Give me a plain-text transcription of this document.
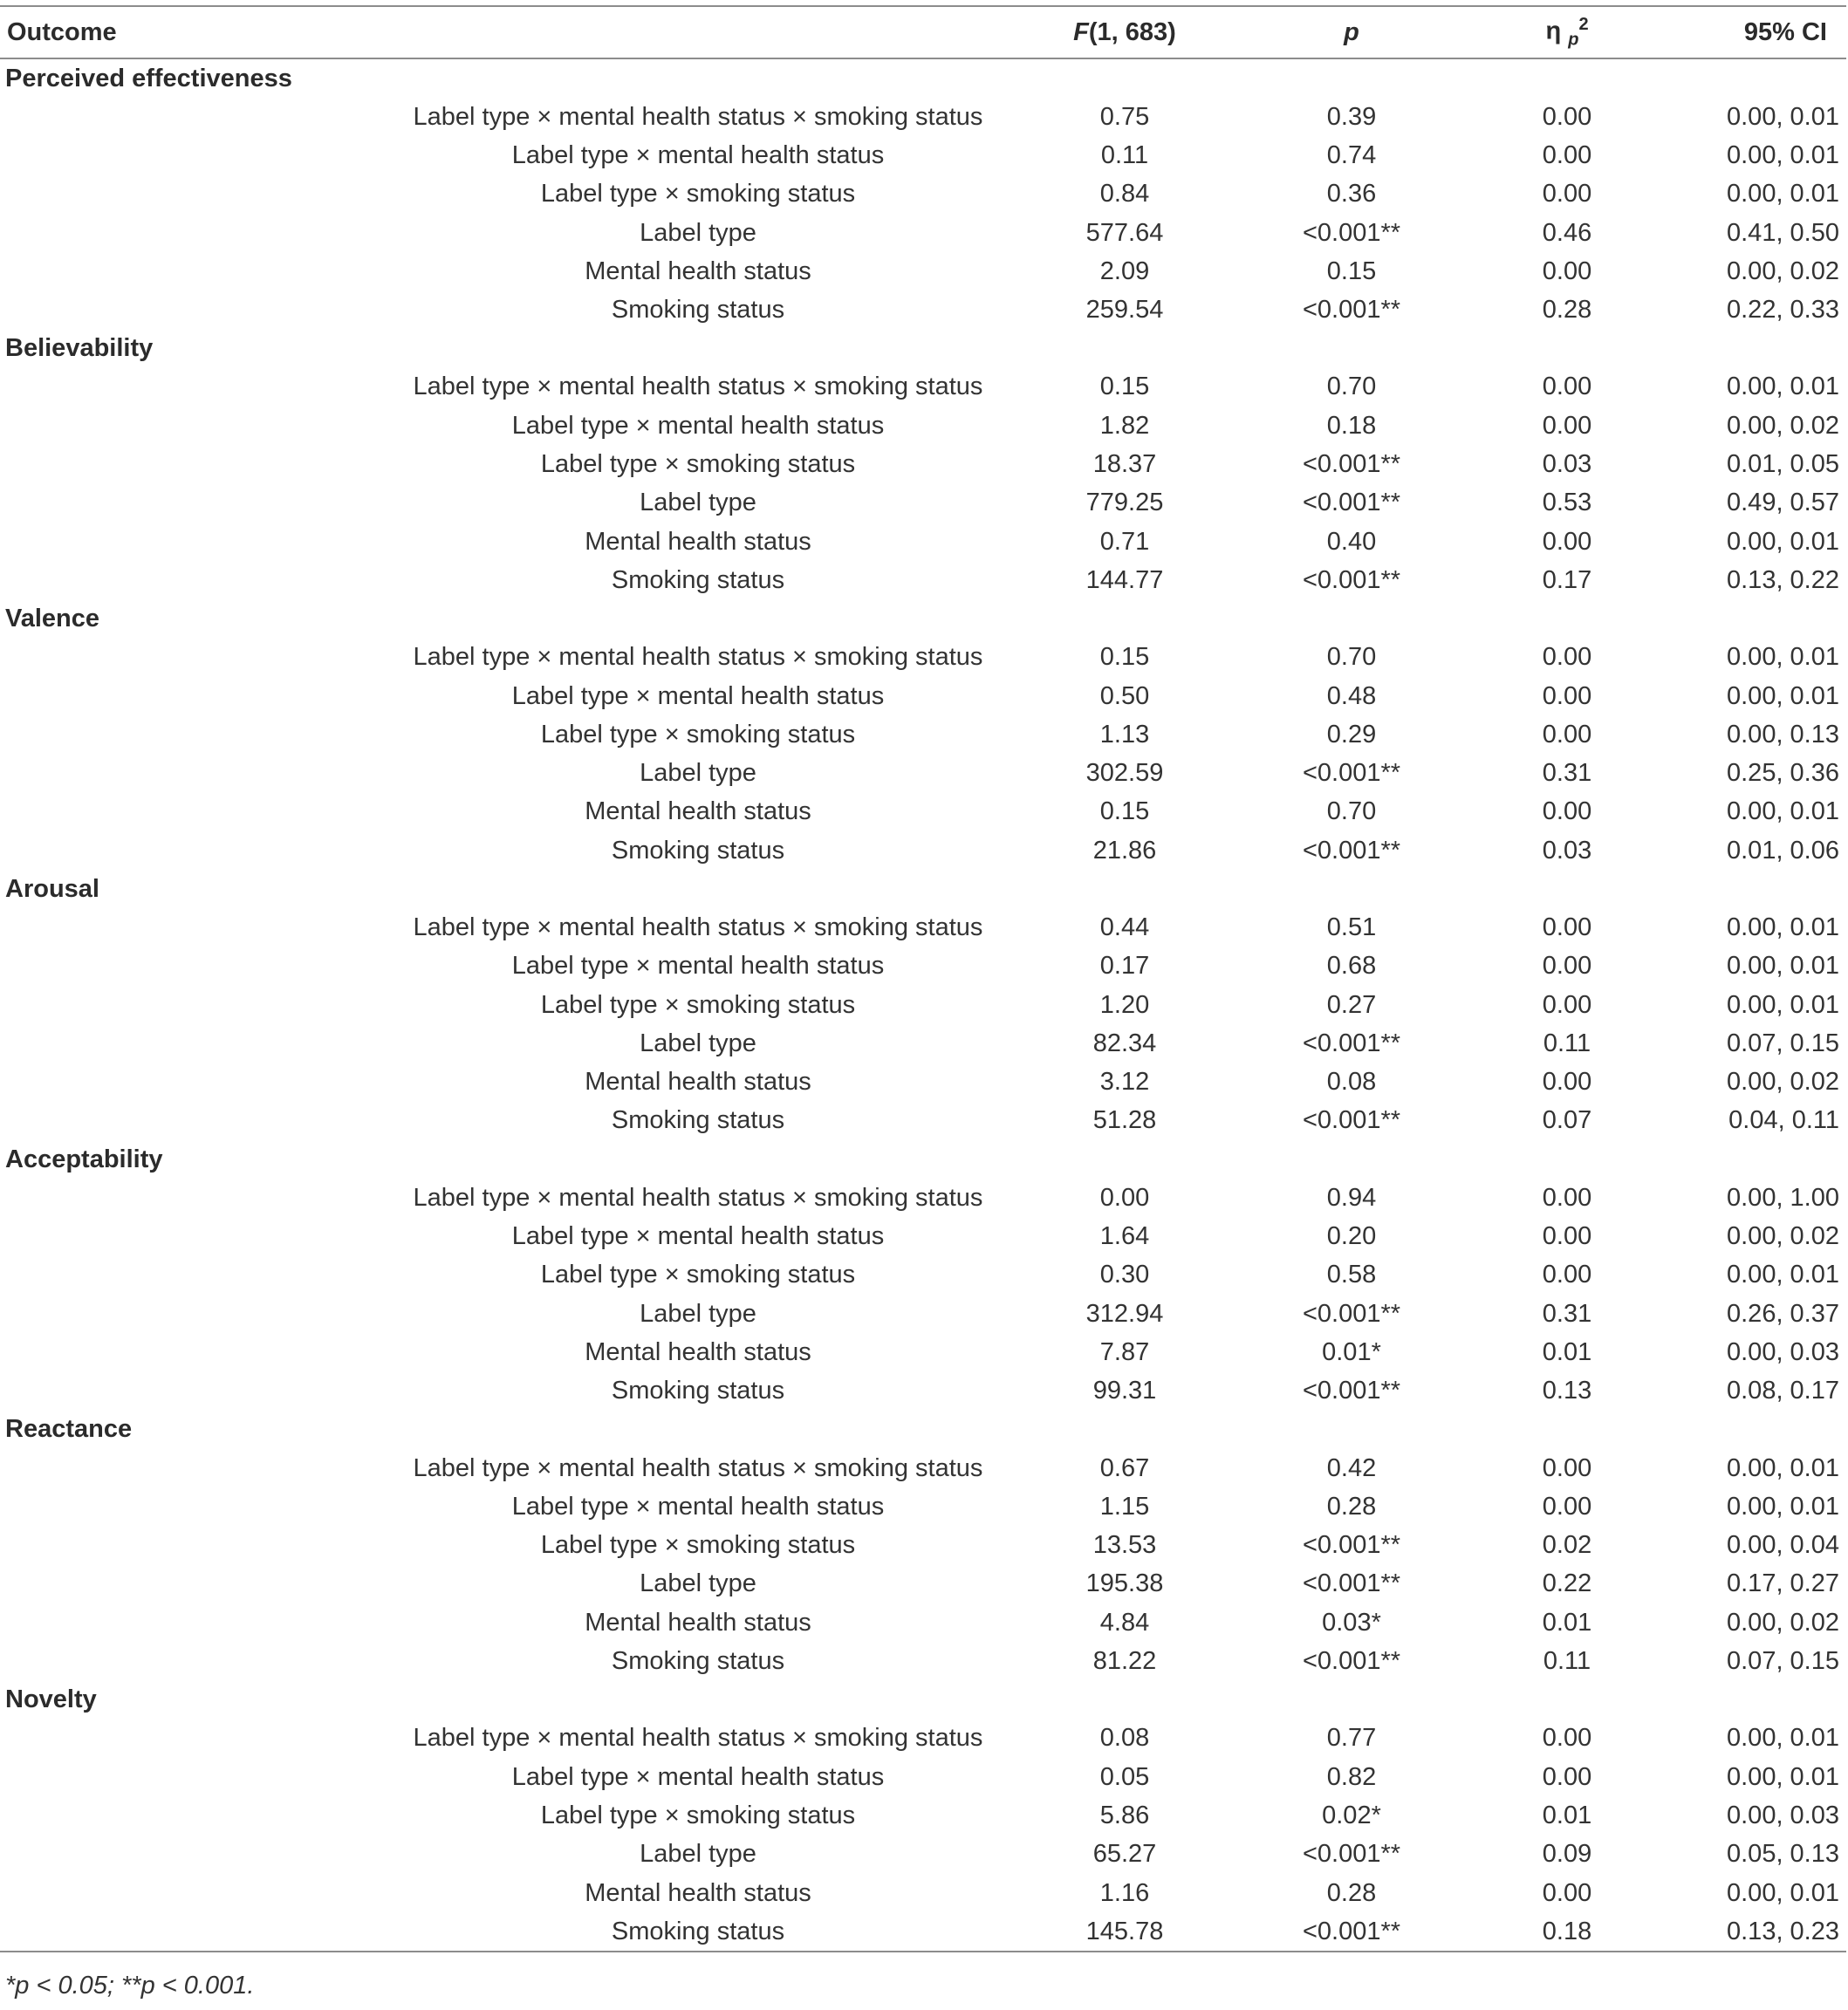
Outcome		F(1, 683)	p	η $_p^2$	95% CI
Perceived effectiveness					
	Label type × mental health status × smoking status	0.75	0.39	0.00	0.00, 0.01
	Label type × mental health status	0.11	0.74	0.00	0.00, 0.01
	Label type × smoking status	0.84	0.36	0.00	0.00, 0.01
	Label type	577.64	<0.001**	0.46	0.41, 0.50
	Mental health status	2.09	0.15	0.00	0.00, 0.02
	Smoking status	259.54	<0.001**	0.28	0.22, 0.33
Believability					
	Label type × mental health status × smoking status	0.15	0.70	0.00	0.00, 0.01
	Label type × mental health status	1.82	0.18	0.00	0.00, 0.02
	Label type × smoking status	18.37	<0.001**	0.03	0.01, 0.05
	Label type	779.25	<0.001**	0.53	0.49, 0.57
	Mental health status	0.71	0.40	0.00	0.00, 0.01
	Smoking status	144.77	<0.001**	0.17	0.13, 0.22
Valence					
	Label type × mental health status × smoking status	0.15	0.70	0.00	0.00, 0.01
	Label type × mental health status	0.50	0.48	0.00	0.00, 0.01
	Label type × smoking status	1.13	0.29	0.00	0.00, 0.13
	Label type	302.59	<0.001**	0.31	0.25, 0.36
	Mental health status	0.15	0.70	0.00	0.00, 0.01
	Smoking status	21.86	<0.001**	0.03	0.01, 0.06
Arousal					
	Label type × mental health status × smoking status	0.44	0.51	0.00	0.00, 0.01
	Label type × mental health status	0.17	0.68	0.00	0.00, 0.01
	Label type × smoking status	1.20	0.27	0.00	0.00, 0.01
	Label type	82.34	<0.001**	0.11	0.07, 0.15
	Mental health status	3.12	0.08	0.00	0.00, 0.02
	Smoking status	51.28	<0.001**	0.07	0.04, 0.11
Acceptability					
	Label type × mental health status × smoking status	0.00	0.94	0.00	0.00, 1.00
	Label type × mental health status	1.64	0.20	0.00	0.00, 0.02
	Label type × smoking status	0.30	0.58	0.00	0.00, 0.01
	Label type	312.94	<0.001**	0.31	0.26, 0.37
	Mental health status	7.87	0.01*	0.01	0.00, 0.03
	Smoking status	99.31	<0.001**	0.13	0.08, 0.17
Reactance					
	Label type × mental health status × smoking status	0.67	0.42	0.00	0.00, 0.01
	Label type × mental health status	1.15	0.28	0.00	0.00, 0.01
	Label type × smoking status	13.53	<0.001**	0.02	0.00, 0.04
	Label type	195.38	<0.001**	0.22	0.17, 0.27
	Mental health status	4.84	0.03*	0.01	0.00, 0.02
	Smoking status	81.22	<0.001**	0.11	0.07, 0.15
Novelty					
	Label type × mental health status × smoking status	0.08	0.77	0.00	0.00, 0.01
	Label type × mental health status	0.05	0.82	0.00	0.00, 0.01
	Label type × smoking status	5.86	0.02*	0.01	0.00, 0.03
	Label type	65.27	<0.001**	0.09	0.05, 0.13
	Mental health status	1.16	0.28	0.00	0.00, 0.01
	Smoking status	145.78	<0.001**	0.18	0.13, 0.23
*p < 0.05; **p < 0.001.
